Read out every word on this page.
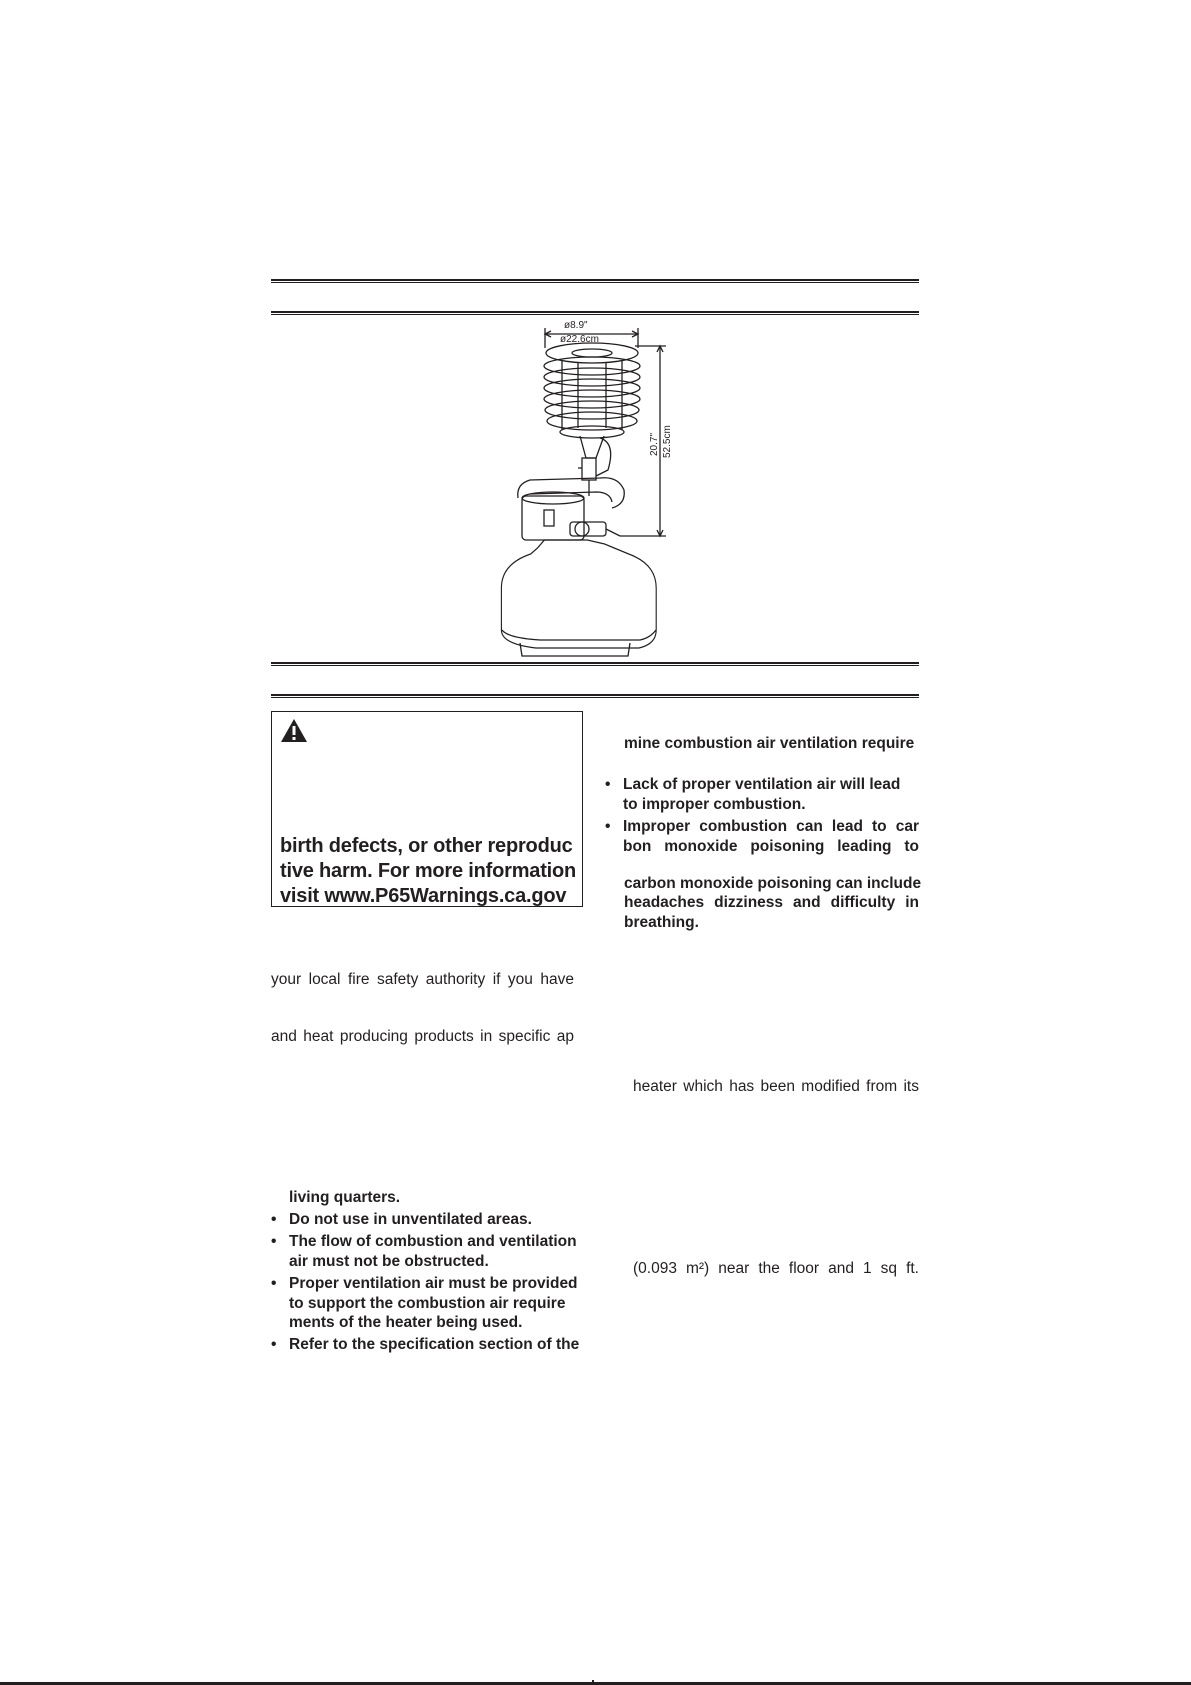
ø8.9"
ø22.6cm
20.7" 52.5cm
birth defects, or other reproduc
tive harm. For more information
visit www.P65Warnings.ca.gov
your local fire safety authority if you have
and heat producing products in specific ap
living quarters.
• Do not use in unventilated areas.
• The flow of combustion and ventilation
air must not be obstructed.
• Proper ventilation air must be provided
to support the combustion air require
ments of the heater being used.
• Refer to the specification section of the
mine combustion air ventilation require
• Lack of proper ventilation air will lead
to improper combustion.
• Improper combustion can lead to car
bon monoxide poisoning leading to
carbon monoxide poisoning can include
headaches dizziness and difficulty in
breathing.
heater which has been modified from its
(0.093 m²) near the floor and 1 sq ft.
